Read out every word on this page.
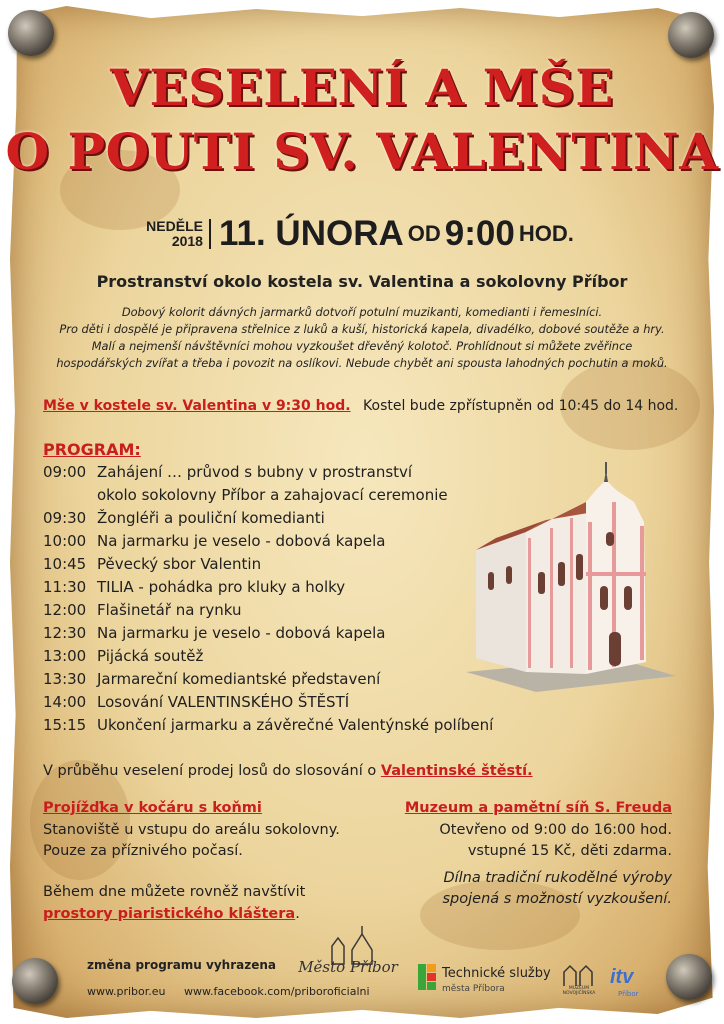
VESELENÍ A MŠE
O POUTI SV. VALENTINA
NEDĚLE
2018 11. ÚNORA OD 9:00 HOD.
Prostranství okolo kostela sv. Valentina a sokolovny Příbor
Dobový kolorit dávných jarmarků dotvoří potulní muzikanti, komedianti i řemeslníci.
Pro děti i dospělé je připravena střelnice z luků a kuší, historická kapela, divadélko, dobové soutěže a hry.
Malí a nejmenší návštěvníci mohou vyzkoušet dřevěný kolotoč. Prohlídnout si můžete zvěřince
hospodářských zvířat a třeba i povozit na oslíkovi. Nebude chybět ani spousta lahodných pochutin a moků.
Mše v kostele sv. Valentina v 9:30 hod. Kostel bude zpřístupněn od 10:45 do 14 hod.
PROGRAM:
09:00 Zahájení … průvod s bubny v prostranství
okolo sokolovny Příbor a zahajovací ceremonie
09:30 Žongléři a pouliční komedianti
10:00 Na jarmarku je veselo - dobová kapela
10:45 Pěvecký sbor Valentin
11:30 TILIA - pohádka pro kluky a holky
12:00 Flašinetář na rynku
12:30 Na jarmarku je veselo - dobová kapela
13:00 Pijácká soutěž
13:30 Jarmareční komediantské představení
14:00 Losování VALENTINSKÉHO ŠTĚSTÍ
15:15 Ukončení jarmarku a závěrečné Valentýnské políbení
V průběhu veselení prodej losů do slosování o Valentinské štěstí.
Projížďka v kočáru s koňmi
Stanoviště u vstupu do areálu sokolovny.
Pouze za příznivého počasí.
Během dne můžete rovněž navštívit
prostory piaristického kláštera.
Muzeum a pamětní síň S. Freuda
Otevřeno od 9:00 do 16:00 hod.
vstupné 15 Kč, děti zdarma.
Dílna tradiční rukodělné výroby
spojená s možností vyzkoušení.
změna programu vyhrazena
www.pribor.eu www.facebook.com/priboroficialni
Město Příbor	Technické služby
města Příbora	MUZEUM NOVOJIČÍNSKA
itv
Příbor
